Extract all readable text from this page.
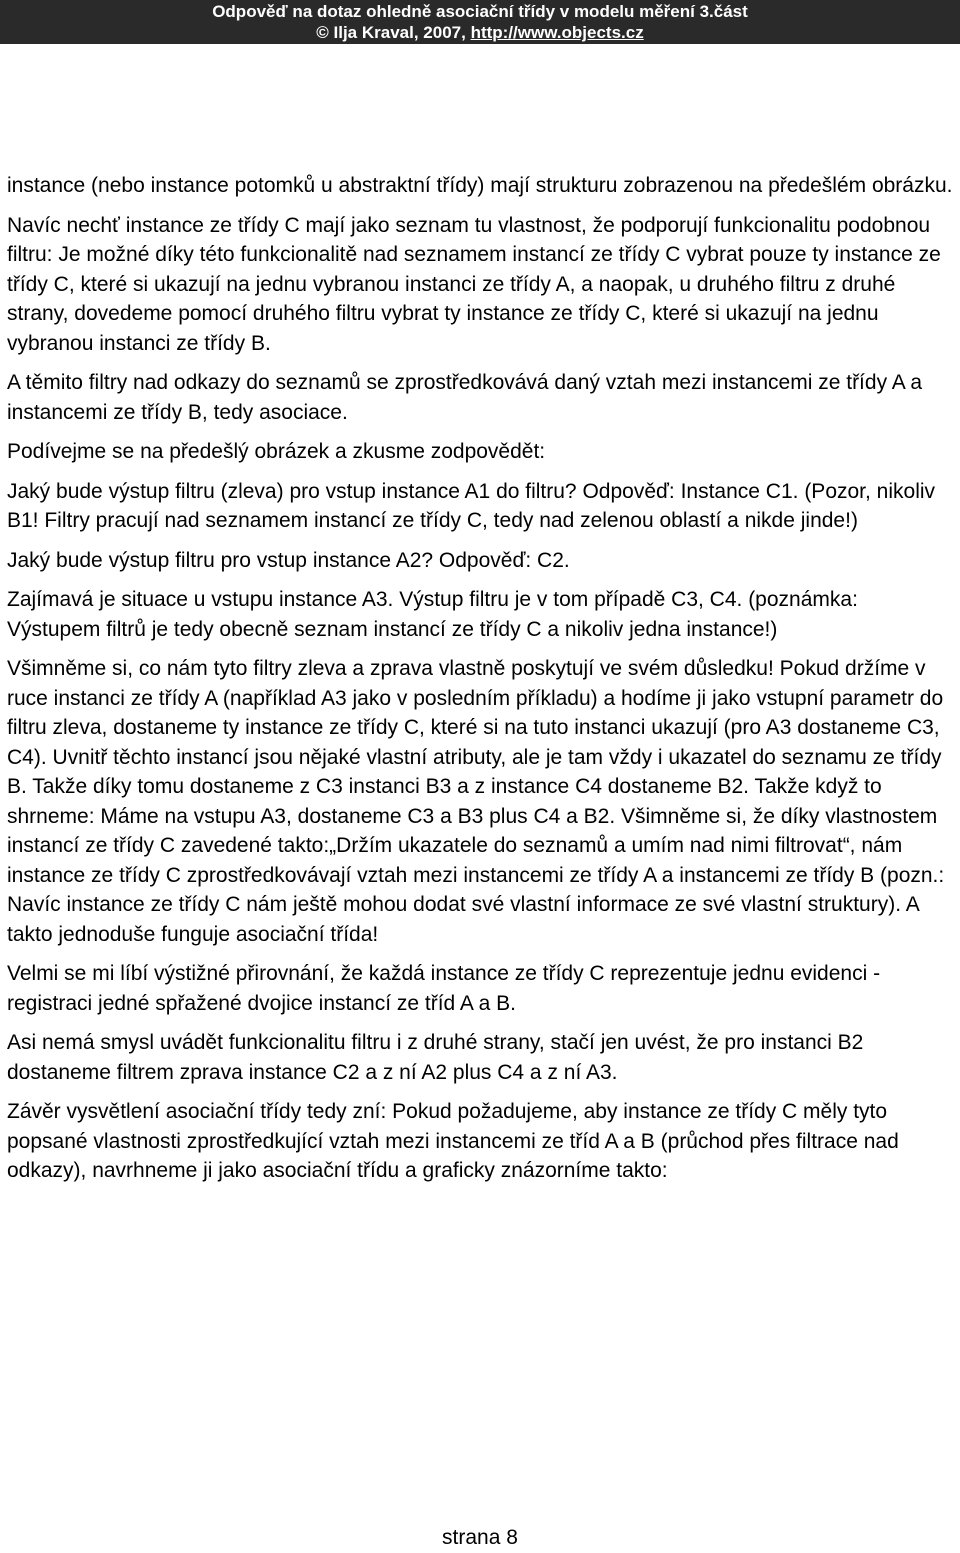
Odpověď na dotaz ohledně asociační třídy v modelu měření 3.část
© Ilja Kraval, 2007, http://www.objects.cz

instance (nebo instance potomků u abstraktní třídy) mají strukturu zobrazenou na předešlém obrázku.

Navíc nechť instance ze třídy C mají jako seznam tu vlastnost, že podporují funkcionalitu podobnou filtru: Je možné díky této funkcionalitě nad seznamem instancí ze třídy C vybrat pouze ty instance ze třídy C, které si ukazují na jednu vybranou instanci ze třídy A, a naopak, u druhého filtru z druhé strany, dovedeme pomocí druhého filtru vybrat ty instance ze třídy C, které si ukazují na jednu vybranou instanci ze třídy B.

A těmito filtry nad odkazy do seznamů se zprostředkovává daný vztah mezi instancemi ze třídy A a instancemi ze třídy B, tedy asociace.

Podívejme se na předešlý obrázek a zkusme zodpovědět:

Jaký bude výstup filtru (zleva) pro vstup instance A1 do filtru? Odpověď: Instance C1. (Pozor, nikoliv B1! Filtry pracují nad seznamem instancí ze třídy C, tedy nad zelenou oblastí a nikde jinde!)

Jaký bude výstup filtru pro vstup instance A2? Odpověď: C2.

Zajímavá je situace u vstupu instance A3. Výstup filtru je v tom případě C3, C4. (poznámka: Výstupem filtrů je tedy obecně seznam instancí ze třídy C a nikoliv jedna instance!)

Všimněme si, co nám tyto filtry zleva a zprava vlastně poskytují ve svém důsledku! Pokud držíme v ruce instanci ze třídy A (například A3 jako v posledním příkladu) a hodíme ji jako vstupní parametr do filtru zleva, dostaneme ty instance ze třídy C, které si na tuto instanci ukazují (pro A3 dostaneme C3, C4). Uvnitř těchto instancí jsou nějaké vlastní atributy, ale je tam vždy i ukazatel do seznamu ze třídy B. Takže díky tomu dostaneme z C3 instanci B3 a z instance C4 dostaneme B2. Takže když to shrneme: Máme na vstupu A3, dostaneme C3 a B3 plus C4 a B2. Všimněme si, že díky vlastnostem instancí ze třídy C zavedené takto:„Držím ukazatele do seznamů a umím nad nimi filtrovat“, nám instance ze třídy C zprostředkovávají vztah mezi instancemi ze třídy A a instancemi ze třídy B (pozn.: Navíc instance ze třídy C nám ještě mohou dodat své vlastní informace ze své vlastní struktury). A takto jednoduše funguje asociační třída!

Velmi se mi líbí výstižné přirovnání, že každá instance ze třídy C reprezentuje jednu evidenci - registraci jedné spřažené dvojice instancí ze tříd A a B.

Asi nemá smysl uvádět funkcionalitu filtru i z druhé strany, stačí jen uvést, že pro instanci B2 dostaneme filtrem zprava instance C2 a z ní A2 plus C4 a z ní A3.

Závěr vysvětlení asociační třídy tedy zní: Pokud požadujeme, aby instance ze třídy C měly tyto popsané vlastnosti zprostředkující vztah mezi instancemi ze tříd A a B (průchod přes filtrace nad odkazy), navrhneme ji jako asociační třídu a graficky znázorníme takto:

strana 8
